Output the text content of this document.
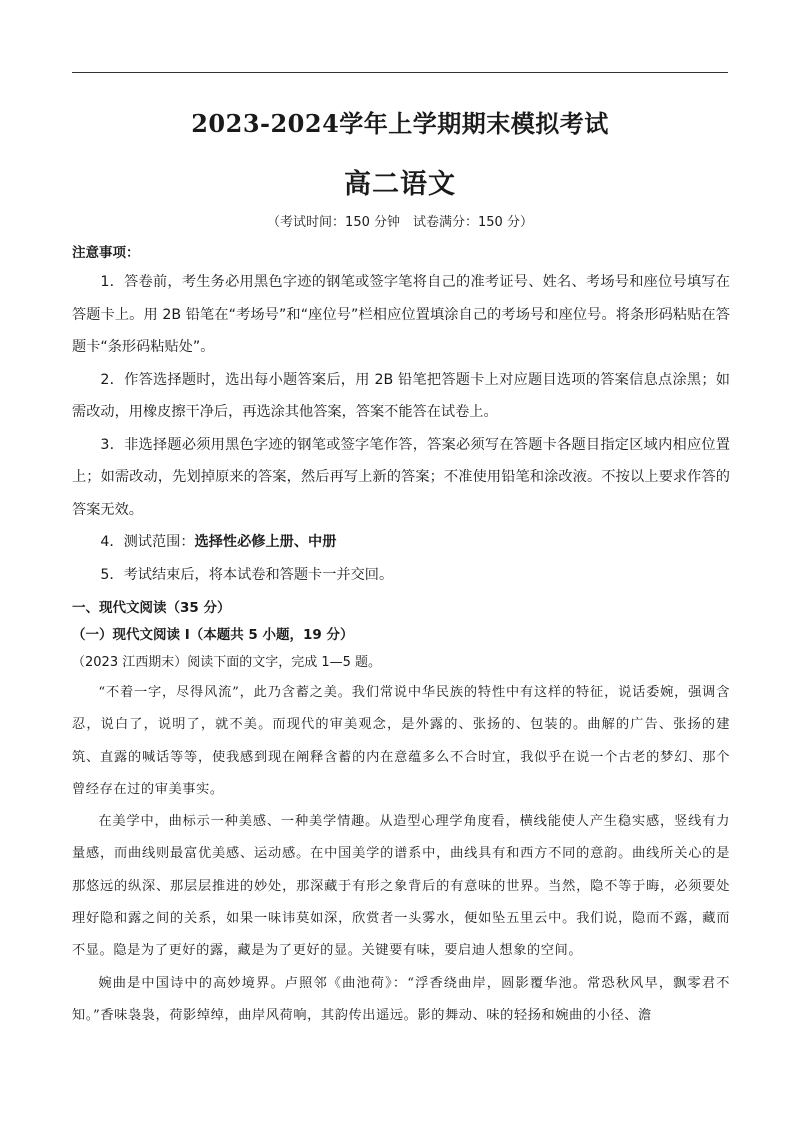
2023-2024学年上学期期末模拟考试
高二语文
（考试时间：150 分钟　试卷满分：150 分）
注意事项：

1．答卷前，考生务必用黑色字迹的钢笔或签字笔将自己的准考证号、姓名、考场号和座位号填写在答题卡上。用 2B 铅笔在“考场号”和“座位号”栏相应位置填涂自己的考场号和座位号。将条形码粘贴在答题卡“条形码粘贴处”。

2．作答选择题时，选出每小题答案后，用 2B 铅笔把答题卡上对应题目选项的答案信息点涂黑；如需改动，用橡皮擦干净后，再选涂其他答案，答案不能答在试卷上。

3．非选择题必须用黑色字迹的钢笔或签字笔作答，答案必须写在答题卡各题目指定区域内相应位置上；如需改动，先划掉原来的答案，然后再写上新的答案；不准使用铅笔和涂改液。不按以上要求作答的答案无效。

4．测试范围：选择性必修上册、中册

5．考试结束后，将本试卷和答题卡一并交回。

一、现代文阅读（35 分）
（一）现代文阅读 I（本题共 5 小题，19 分）
（2023 江西期末）阅读下面的文字，完成 1—5 题。

“不着一字，尽得风流”，此乃含蓄之美。我们常说中华民族的特性中有这样的特征，说话委婉，强调含忍，说白了，说明了，就不美。而现代的审美观念，是外露的、张扬的、包装的。曲解的广告、张扬的建筑、直露的喊话等等，使我感到现在阐释含蓄的内在意蕴多么不合时宜，我似乎在说一个古老的梦幻、那个曾经存在过的审美事实。

在美学中，曲标示一种美感、一种美学情趣。从造型心理学角度看，横线能使人产生稳实感，竖线有力量感，而曲线则最富优美感、运动感。在中国美学的谱系中，曲线具有和西方不同的意韵。曲线所关心的是那悠远的纵深、那层层推进的妙处，那深藏于有形之象背后的有意味的世界。当然，隐不等于晦，必须要处理好隐和露之间的关系，如果一味讳莫如深，欣赏者一头雾水，便如坠五里云中。我们说，隐而不露，藏而不显。隐是为了更好的露，藏是为了更好的显。关键要有味，要启迪人想象的空间。

婉曲是中国诗中的高妙境界。卢照邻《曲池荷》：“浮香绕曲岸，圆影覆华池。常恐秋风早，飘零君不知。”香味袅袅，荷影绰绰，曲岸风荷响，其韵传出遥远。影的舞动、味的轻扬和婉曲的小径、澹
